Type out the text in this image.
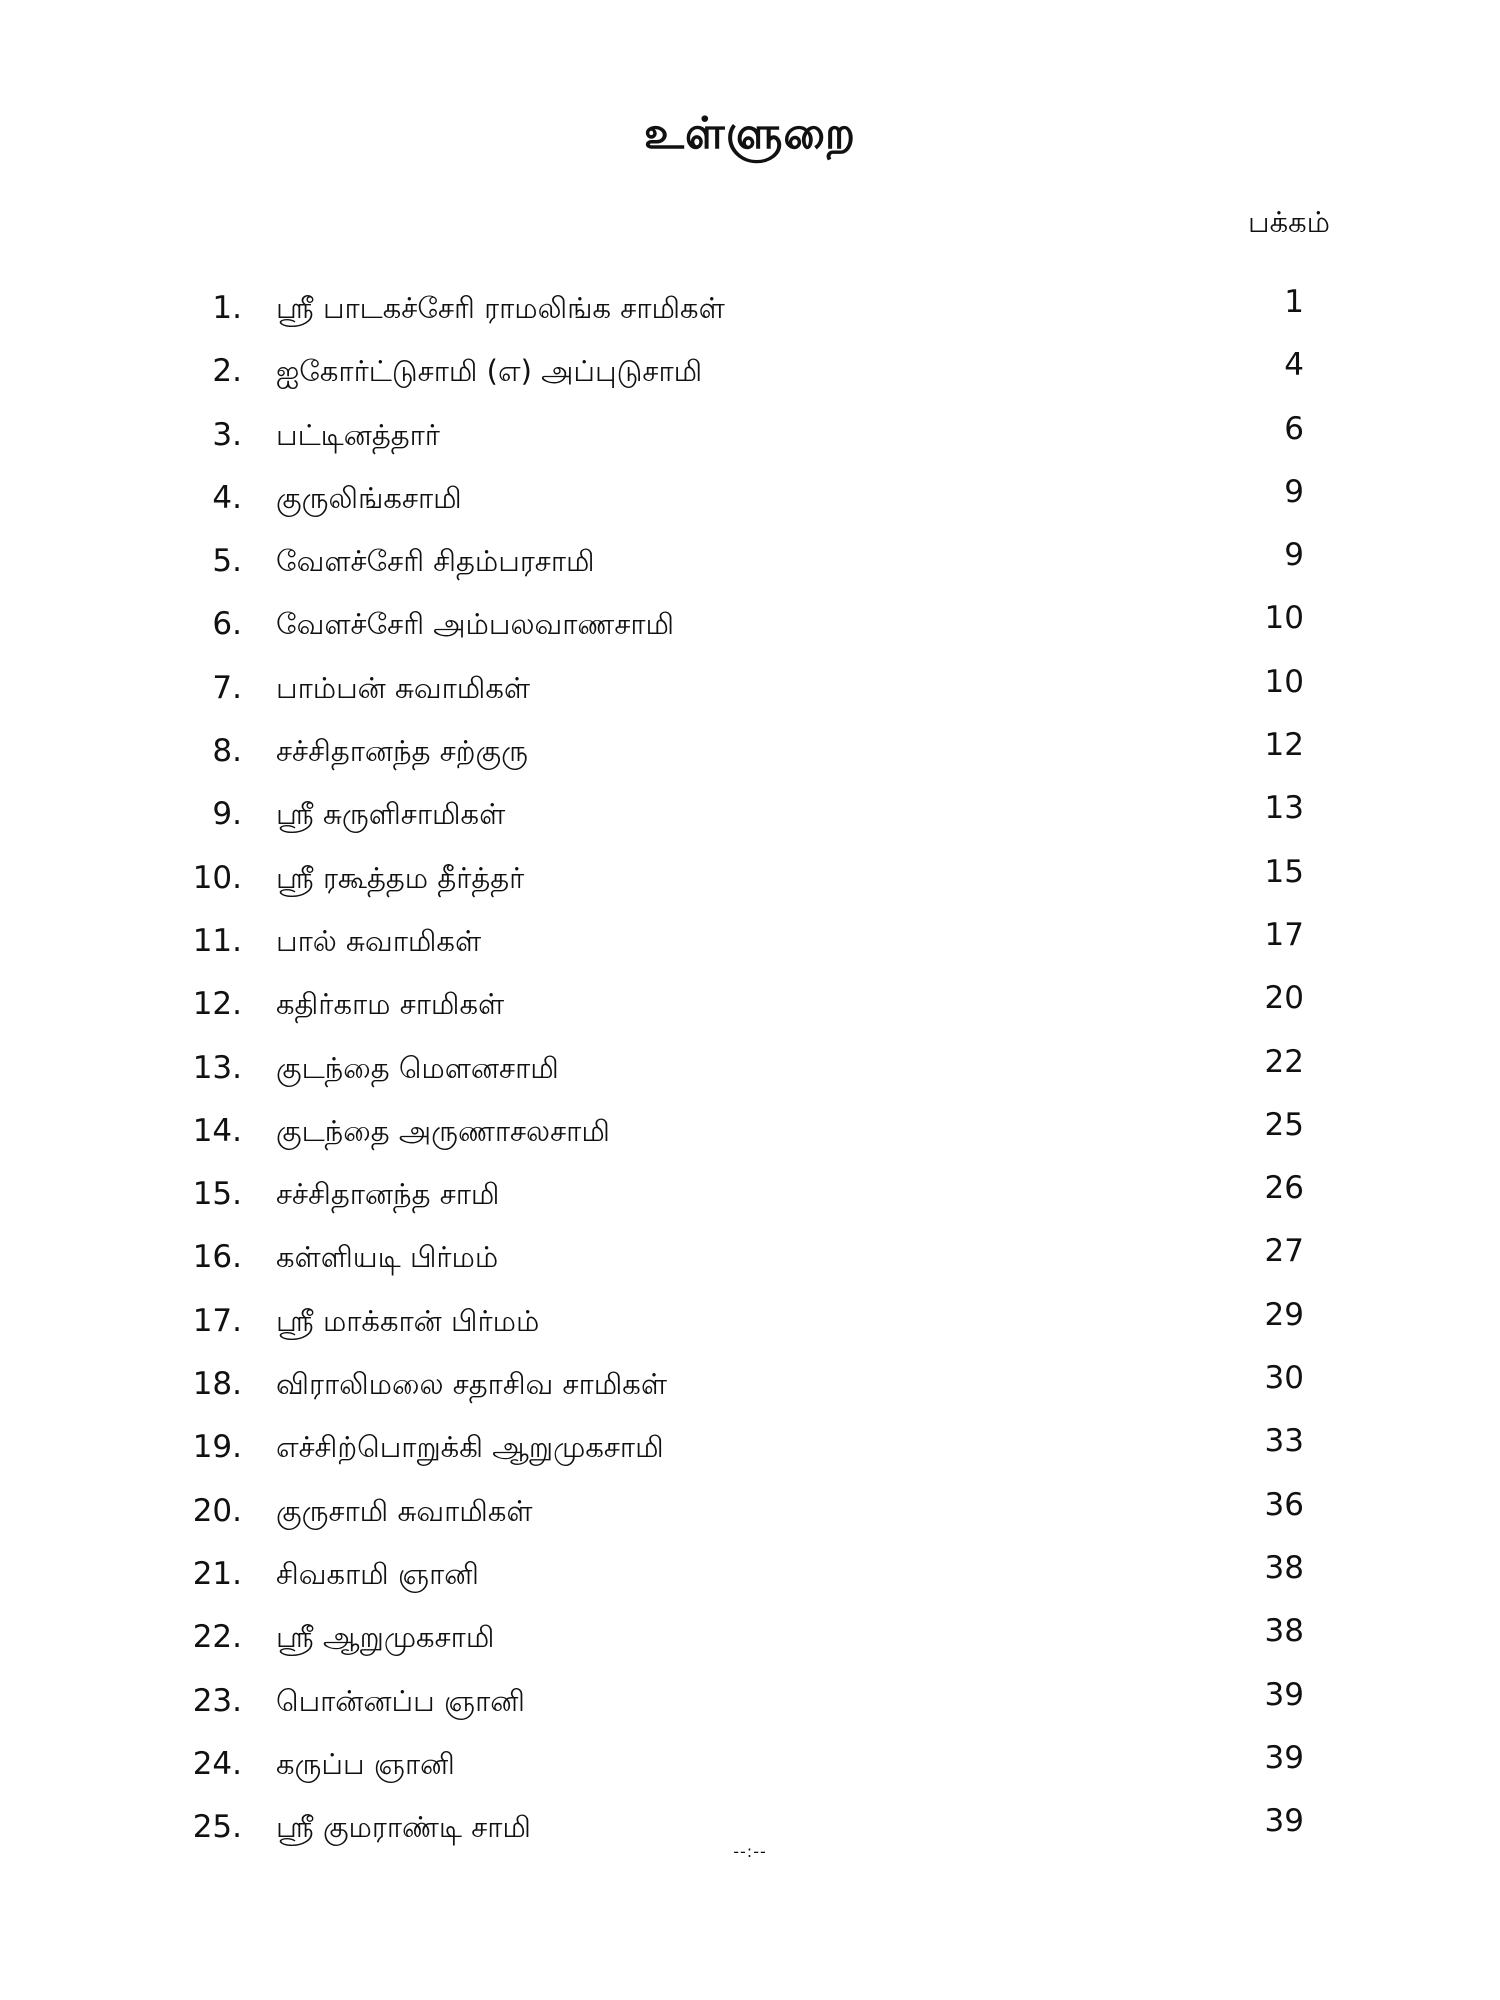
உள்ளுறை
பக்கம்
1. ஸ்ரீ பாடகச்சேரி ராமலிங்க சாமிகள்	1
2. ஐகோர்ட்டுசாமி (எ) அப்புடுசாமி	4
3. பட்டினத்தார்	6
4. குருலிங்கசாமி	9
5. வேளச்சேரி சிதம்பரசாமி	9
6. வேளச்சேரி அம்பலவாணசாமி	10
7. பாம்பன் சுவாமிகள்	10
8. சச்சிதானந்த சற்குரு	12
9. ஸ்ரீ சுருளிசாமிகள்	13
10. ஸ்ரீ ரகூத்தம தீர்த்தர்	15
11. பால் சுவாமிகள்	17
12. கதிர்காம சாமிகள்	20
13. குடந்தை மௌனசாமி	22
14. குடந்தை அருணாசலசாமி	25
15. சச்சிதானந்த சாமி	26
16. கள்ளியடி பிர்மம்	27
17. ஸ்ரீ மாக்கான் பிர்மம்	29
18. விராலிமலை சதாசிவ சாமிகள்	30
19. எச்சிற்பொறுக்கி ஆறுமுகசாமி	33
20. குருசாமி சுவாமிகள்	36
21. சிவகாமி ஞானி	38
22. ஸ்ரீ ஆறுமுகசாமி	38
23. பொன்னப்ப ஞானி	39
24. கருப்ப ஞானி	39
25. ஸ்ரீ குமராண்டி சாமி	39
--:--
